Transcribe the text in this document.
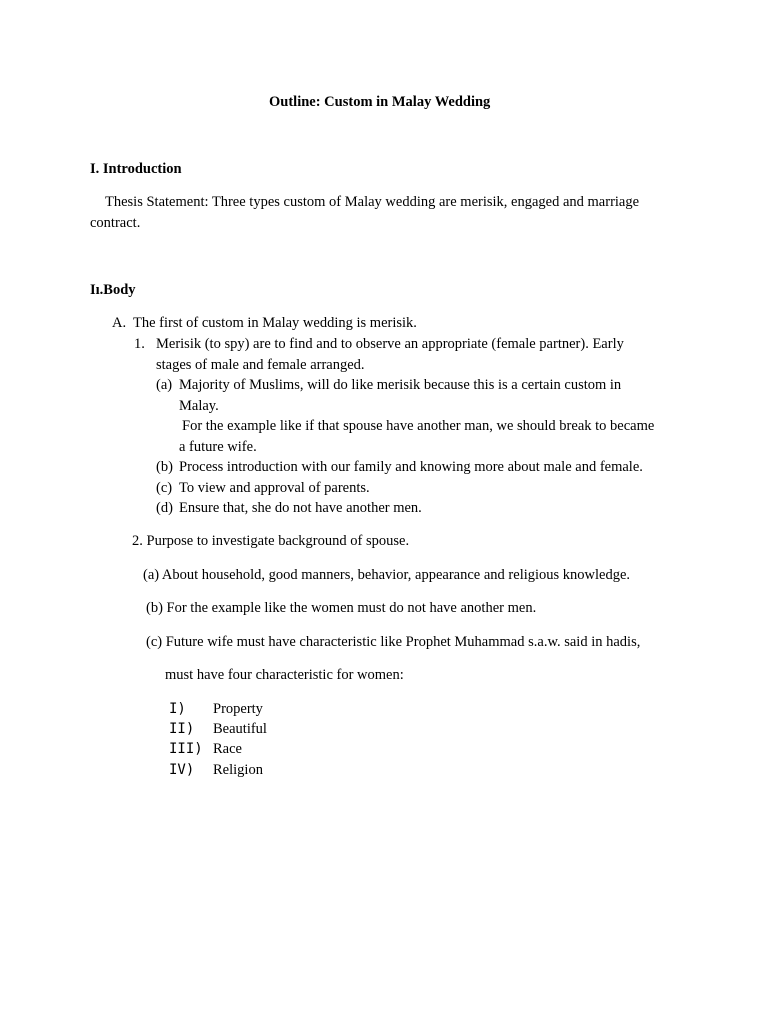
Outline: Custom in Malay Wedding
I. Introduction
Thesis Statement: Three types custom of Malay wedding are merisik, engaged and marriage
contract.
Iı.Body
A. The first of custom in Malay wedding is merisik.
1. Merisik (to spy) are to find and to observe an appropriate (female partner). Early
stages of male and female arranged.
(a) Majority of Muslims, will do like merisik because this is a certain custom in
Malay.
For the example like if that spouse have another man, we should break to became
a future wife.
(b) Process introduction with our family and knowing more about male and female.
(c) To view and approval of parents.
(d) Ensure that, she do not have another men.
2. Purpose to investigate background of spouse.
(a) About household, good manners, behavior, appearance and religious knowledge.
(b) For the example like the women must do not have another men.
(c) Future wife must have characteristic like Prophet Muhammad s.a.w. said in hadis,
must have four characteristic for women:
I) Property
II) Beautiful
III) Race
IV) Religion
